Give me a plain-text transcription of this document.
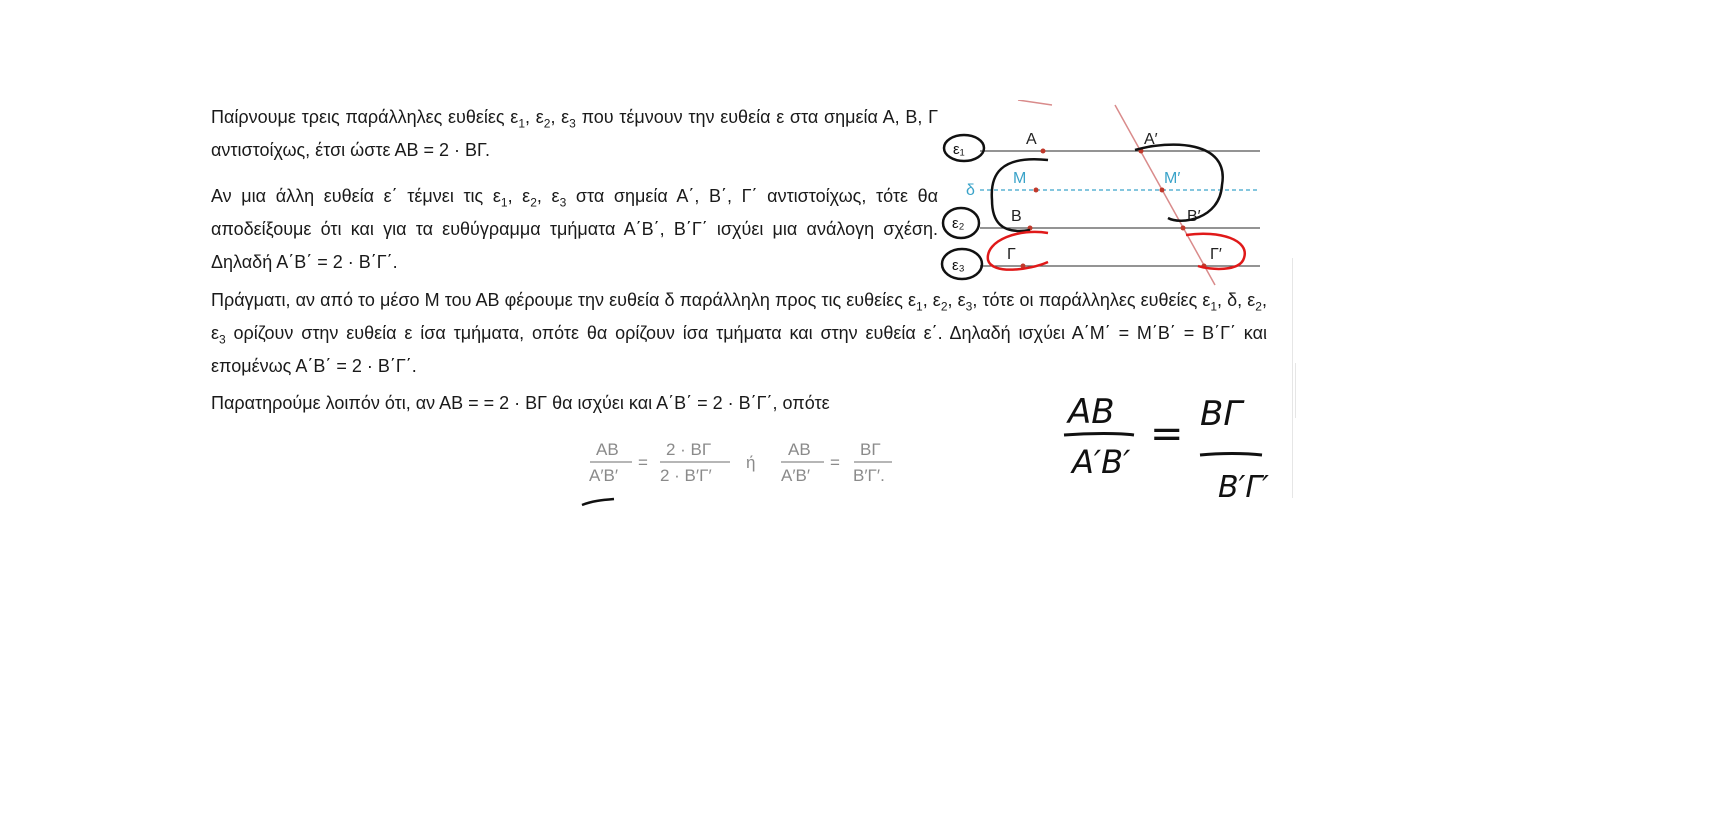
Παίρνουμε τρεις παράλληλες ευθείες $\varepsilon_1$, $\varepsilon_2$, $\varepsilon_3$ που τέμνουν την ευθεία ε στα σημεία Α, Β, Γ αντιστοίχως, έτσι ώστε ΑΒ = 2 · ΒΓ.

Αν μια άλλη ευθεία ε΄ τέμνει τις $\varepsilon_1$, $\varepsilon_2$, $\varepsilon_3$ στα σημεία Α΄, Β΄, Γ΄ αντιστοίχως, τότε θα αποδείξουμε ότι και για τα ευθύγραμμα τμήματα Α΄Β΄, Β΄Γ΄ ισχύει μια ανάλογη σχέση. Δηλαδή Α΄Β΄ = 2 · Β΄Γ΄.

Πράγματι, αν από το μέσο Μ του ΑΒ φέρουμε την ευθεία δ παράλληλη προς τις ευθείες $\varepsilon_1$, $\varepsilon_2$, $\varepsilon_3$, τότε οι παράλληλες ευθείες $\varepsilon_1$, δ, $\varepsilon_2$, $\varepsilon_3$ ορίζουν στην ευθεία ε ίσα τμήματα, οπότε θα ορίζουν ίσα τμήματα και στην ευθεία ε΄. Δηλαδή ισχύει Α΄Μ΄ = Μ΄Β΄ = Β΄Γ΄ και επομένως Α΄Β΄ = 2 · Β΄Γ΄.

Παρατηρούμε λοιπόν ότι, αν ΑΒ = = 2 · ΒΓ θα ισχύει και Α΄Β΄ = 2 · Β΄Γ΄, οπότε

Α
Μ
Β
Γ
Α′
Μ′
Β′
Γ′
δ
ε₁
ε₂
ε₃
ΑΒ
Α′Β′
=
2 · ΒΓ
2 · Β′Γ′
ή
ΑΒ
Α′Β′
=
ΒΓ
Β′Γ′.
AB
A′B′
= BΓ
B′Γ′
